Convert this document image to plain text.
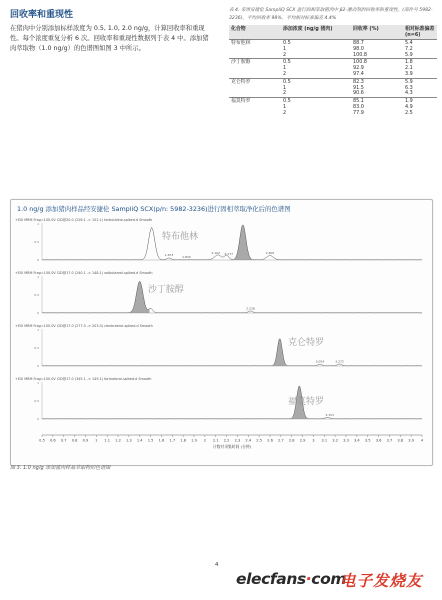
回收率和重现性
在猪肉中分别添加标样浓度为 0.5, 1.0, 2.0 ng/g，计算回收率和重现性。每个浓度重复分析 6 次。回收率和重现性数据列于表 4 中。添加猪肉萃取物（1.0 ng/g）的色谱图如图 3 中所示。
表 4. 采用安捷伦 SampliQ SCX 进行固相萃取猪肉中 β2-激动剂的回收率和重现性。(部件号 5982-3236)。平均回收率 98%，平均相对标准偏差 4.4%
化合物	添加浓度 (ng/g 猪肉)	回收率 (%)	相对标准偏差 (n=6)
特布他林	0.5	88.7	5.4
	1	98.0	7.2
	2	100.8	5.9
沙丁胺醇	0.5	100.8	1.8
	1	92.9	2.1
	2	97.4	3.9
克仑特罗	0.5	82.3	5.9
	1	91.5	6.3
	2	90.6	4.3
福莫特罗	0.5	85.1	1.9
	1	83.0	4.9
	2	77.9	2.5
1.0 ng/g 添加猪肉样品经安捷伦 SampliQ SCX(p/n: 5982-3236)进行固相萃取净化后的色谱图
+ESI MRM Frag=100.0V CID@20.0 (226.1 -> 152.1) terbutaline-spiked.d Smooth
0
0.5
1
1.673	1.834
2.102 2.177	2.605
特布他林
+ESI MRM Frag=100.0V CID@17.0 (240.1 -> 148.1) salbutamol-spiked.d Smooth
0
0.5
1
2.238
沙丁胺醇
+ESI MRM Frag=100.0V CID@17.0 (277.0 -> 203.0) clenbuterol-spiked.d Smooth
0
0.5
1
3.059	3.272
克仑特罗
+ESI MRM Frag=100.0V CID@17.0 (345.1 -> 149.1) formoterol-spiked.d Smooth
0
0.5
1
3.151
福莫特罗
0.5 0.6 0.7 0.8 0.9 1 1.1 1.2 1.3 1.4 1.5 1.6 1.7 1.8 1.9 2 2.1 2.2 2.3 2.4 2.5 2.6 2.7 2.8 2.9 3 3.1 3.2 3.3 3.4 3.5 3.6 3.7 3.8 3.9 4
计数对采集时间 (分钟)
图 3. 1.0 ng/g 添加猪肉样品萃取物的色谱图
4
elecfans·com
电子发烧友
